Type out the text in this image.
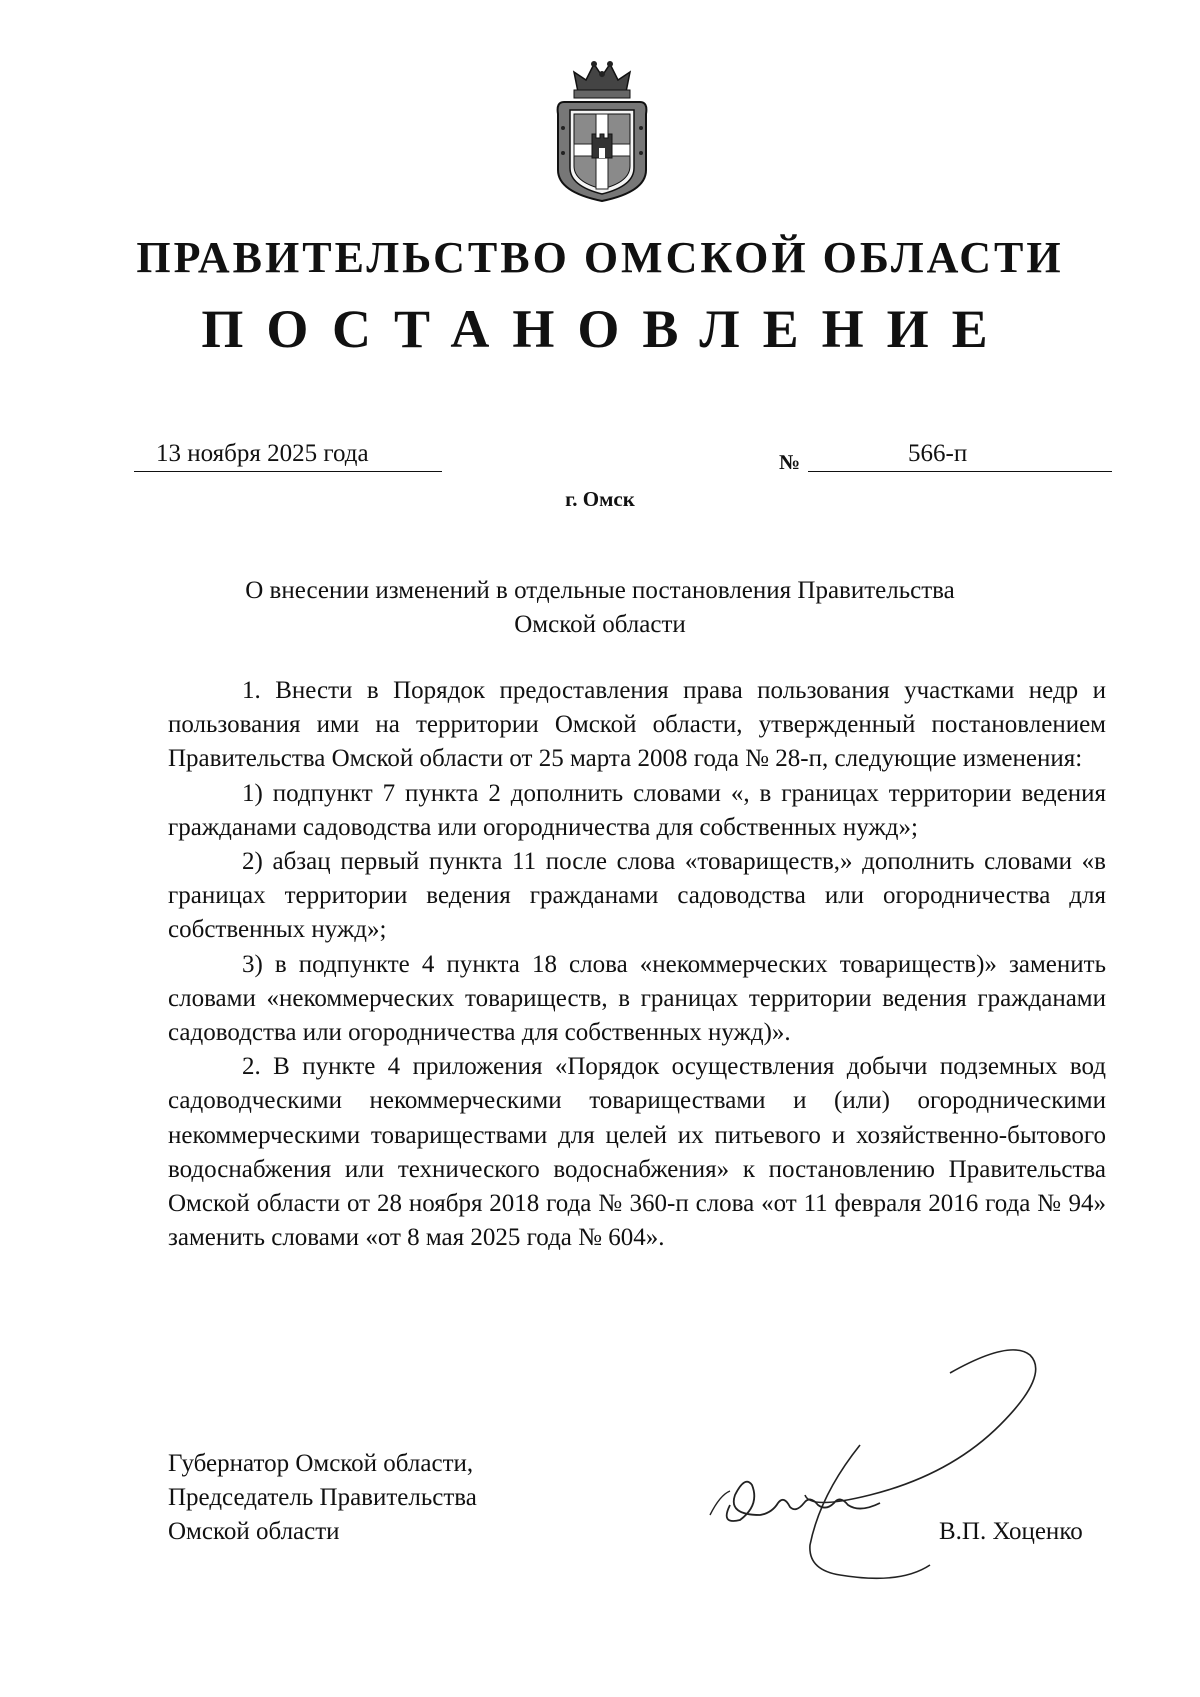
ПРАВИТЕЛЬСТВО ОМСКОЙ ОБЛАСТИ
ПОСТАНОВЛЕНИЕ
13 ноября 2025 года	№	566-п
г. Омск
О внесении изменений в отдельные постановления Правительства
Омской области

1. Внести в Порядок предоставления права пользования участками недр и пользования ими на территории Омской области, утвержденный постановлением Правительства Омской области от 25 марта 2008 года № 28-п, следующие изменения:

1) подпункт 7 пункта 2 дополнить словами «, в границах территории ведения гражданами садоводства или огородничества для собственных нужд»;

2) абзац первый пункта 11 после слова «товариществ,» дополнить словами «в границах территории ведения гражданами садоводства или огородничества для собственных нужд»;

3) в подпункте 4 пункта 18 слова «некоммерческих товариществ)» заменить словами «некоммерческих товариществ, в границах территории ведения гражданами садоводства или огородничества для собственных нужд)».

2. В пункте 4 приложения «Порядок осуществления добычи подземных вод садоводческими некоммерческими товариществами и (или) огородническими некоммерческими товариществами для целей их питьевого и хозяйственно-бытового водоснабжения или технического водоснабжения» к постановлению Правительства Омской области от 28 ноября 2018 года № 360-п слова «от 11 февраля 2016 года № 94» заменить словами «от 8 мая 2025 года № 604».

Губернатор Омской области,
Председатель Правительства
Омской области	В.П. Хоценко
